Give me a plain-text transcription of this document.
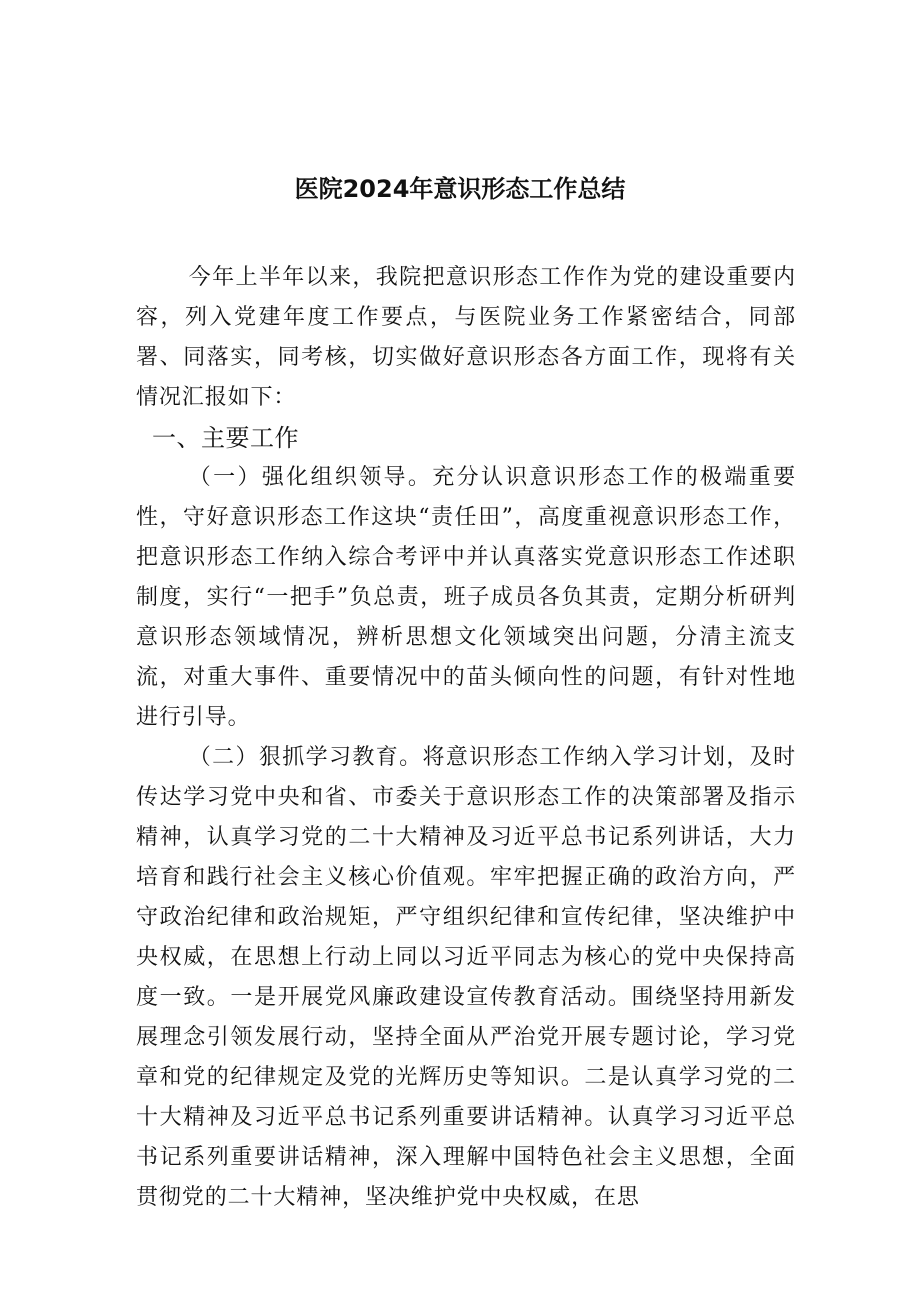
医院2024年意识形态工作总结

今年上半年以来，我院把意识形态工作作为党的建设重要内容，列入党建年度工作要点，与医院业务工作紧密结合，同部署、同落实，同考核，切实做好意识形态各方面工作，现将有关情况汇报如下：

一、主要工作

（一）强化组织领导。充分认识意识形态工作的极端重要性，守好意识形态工作这块“责任田”，高度重视意识形态工作，把意识形态工作纳入综合考评中并认真落实党意识形态工作述职制度，实行“一把手”负总责，班子成员各负其责，定期分析研判意识形态领域情况，辨析思想文化领域突出问题，分清主流支流，对重大事件、重要情况中的苗头倾向性的问题，有针对性地进行引导。

（二）狠抓学习教育。将意识形态工作纳入学习计划，及时传达学习党中央和省、市委关于意识形态工作的决策部署及指示精神，认真学习党的二十大精神及习近平总书记系列讲话，大力培育和践行社会主义核心价值观。牢牢把握正确的政治方向，严守政治纪律和政治规矩，严守组织纪律和宣传纪律，坚决维护中央权威，在思想上行动上同以习近平同志为核心的党中央保持高度一致。一是开展党风廉政建设宣传教育活动。围绕坚持用新发展理念引领发展行动，坚持全面从严治党开展专题讨论，学习党章和党的纪律规定及党的光辉历史等知识。二是认真学习党的二十大精神及习近平总书记系列重要讲话精神。认真学习习近平总书记系列重要讲话精神，深入理解中国特色社会主义思想，全面贯彻党的二十大精神，坚决维护党中央权威，在思
